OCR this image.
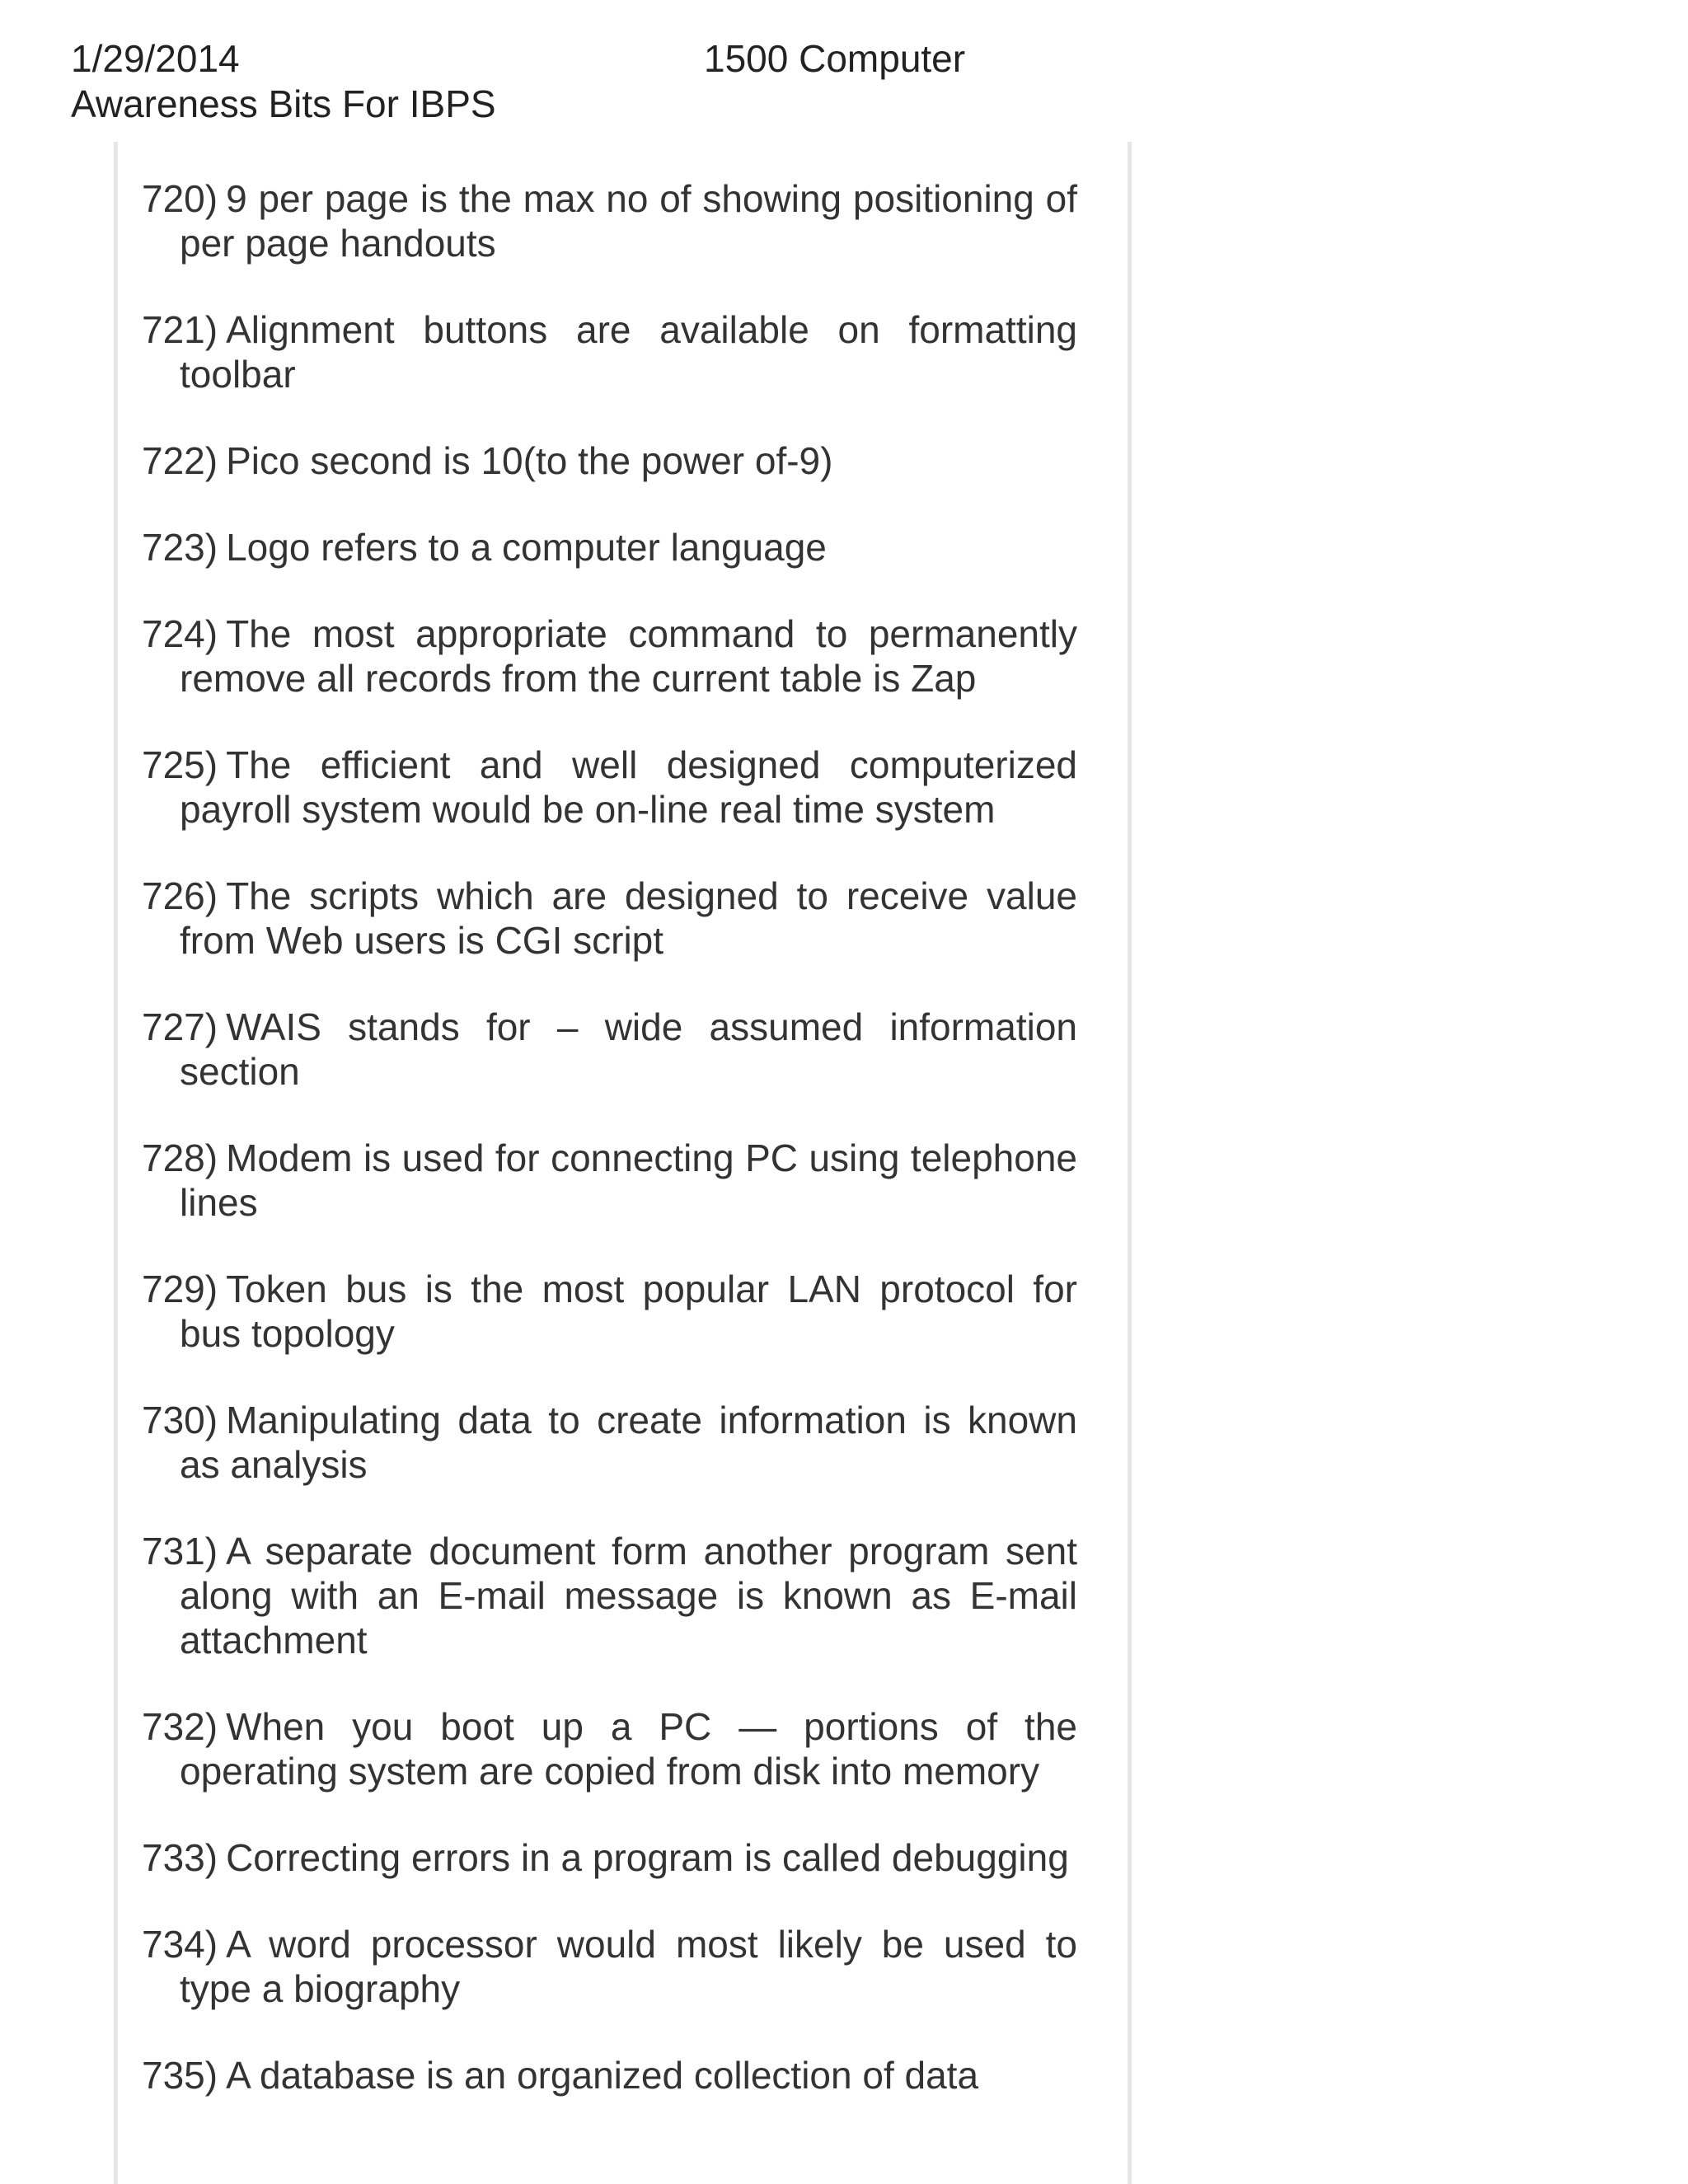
1/29/2014	1500 Computer
Awareness Bits For IBPS
720) 9 per page is the max no of showing positioning of per page handouts
721) Alignment buttons are available on formatting toolbar
722) Pico second is 10(to the power of-9)
723) Logo refers to a computer language
724) The most appropriate command to permanently remove all records from the current table is Zap
725) The efficient and well designed computerized payroll system would be on-line real time system
726) The scripts which are designed to receive value from Web users is CGI script
727) WAIS stands for – wide assumed information section
728) Modem is used for connecting PC using telephone lines
729) Token bus is the most popular LAN protocol for bus topology
730) Manipulating data to create information is known as analysis
731) A separate document form another program sent along with an E-mail message is known as E-mail attachment
732) When you boot up a PC — portions of the operating system are copied from disk into memory
733) Correcting errors in a program is called debugging
734) A word processor would most likely be used to type a biography
735) A database is an organized collection of data
